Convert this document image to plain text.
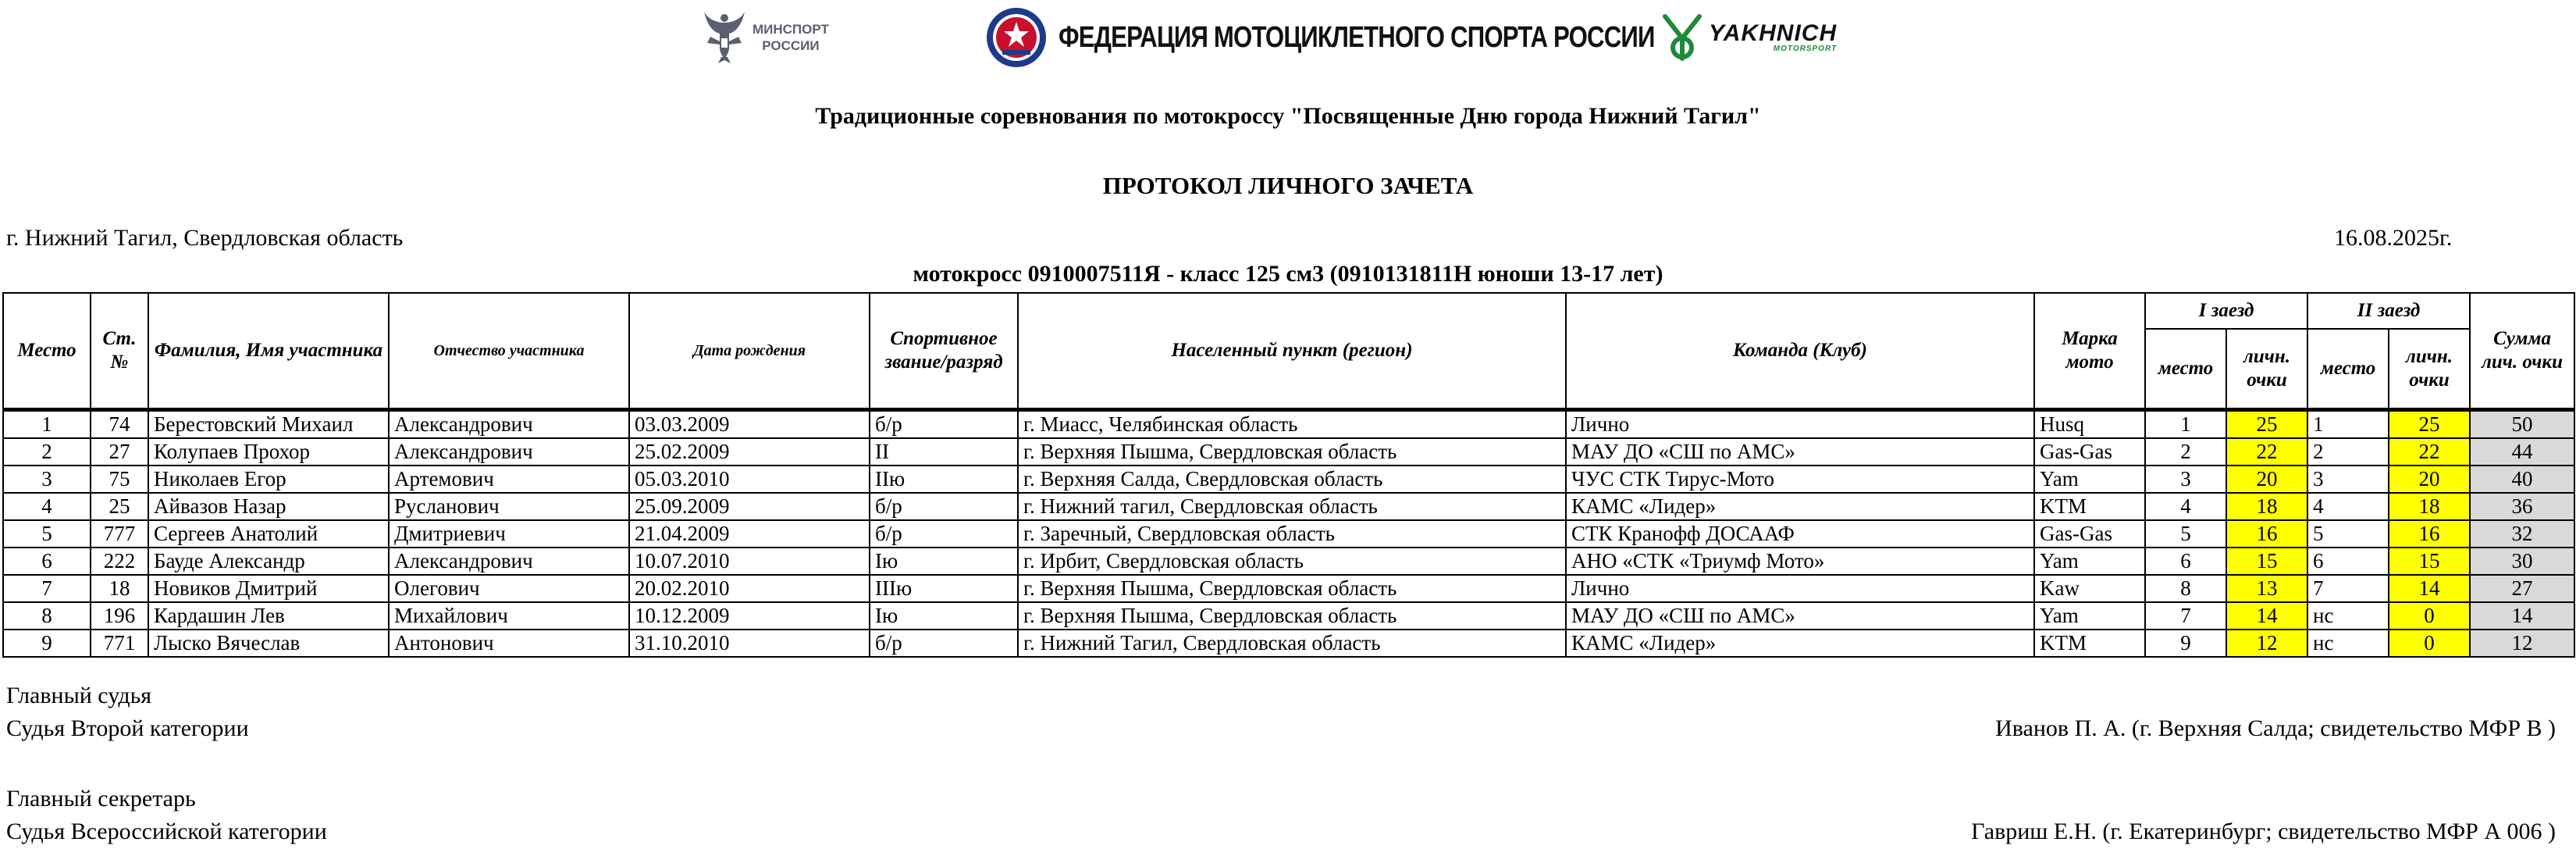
МИНСПОРТ
РОССИИ	ФЕДЕРАЦИЯ МОТОЦИКЛЕТНОГО СПОРТА РОССИИ YAKHNICH
MOTORSPORT
Традиционные соревнования по мотокроссу "Посвященные Дню города Нижний Тагил"
ПРОТОКОЛ ЛИЧНОГО ЗАЧЕТА
г. Нижний Тагил, Свердловская область	16.08.2025г.
мотокросс 0910007511Я - класс 125 см3 (0910131811Н юноши 13-17 лет)
Место	Ст. №	Фамилия, Имя участника	Отчество участника	Дата рождения	Спортивное звание/разряд	Населенный пункт (регион)	Команда (Клуб)	Марка мото	I заезд		II заезд		Сумма лич. очки
									место	личн. очки	место	личн. очки	
1	74	Берестовский Михаил	Александрович	03.03.2009	б/р	г. Миасс, Челябинская область	Лично	Husq	1	25	1	25	50
2	27	Колупаев Прохор	Александрович	25.02.2009	II	г. Верхняя Пышма, Свердловская область	МАУ ДО «СШ по АМС»	Gas-Gas	2	22	2	22	44
3	75	Николаев Егор	Артемович	05.03.2010	IIю	г. Верхняя Салда, Свердловская область	ЧУС СТК Тирус-Мото	Yam	3	20	3	20	40
4	25	Айвазов Назар	Русланович	25.09.2009	б/р	г. Нижний тагил, Свердловская область	КАМС «Лидер»	KTM	4	18	4	18	36
5	777	Сергеев Анатолий	Дмитриевич	21.04.2009	б/р	г. Заречный, Свердловская область	СТК Кранофф ДОСААФ	Gas-Gas	5	16	5	16	32
6	222	Бауде Александр	Александрович	10.07.2010	Iю	г. Ирбит, Свердловская область	АНО «СТК «Триумф Мото»	Yam	6	15	6	15	30
7	18	Новиков Дмитрий	Олегович	20.02.2010	IIIю	г. Верхняя Пышма, Свердловская область	Лично	Kaw	8	13	7	14	27
8	196	Кардашин Лев	Михайлович	10.12.2009	Iю	г. Верхняя Пышма, Свердловская область	МАУ ДО «СШ по АМС»	Yam	7	14	нс	0	14
9	771	Лыско Вячеслав	Антонович	31.10.2010	б/р	г. Нижний Тагил, Свердловская область	КАМС «Лидер»	KTM	9	12	нс	0	12
Главный судья
Судья Второй категории	Иванов П. А. (г. Верхняя Салда; свидетельство МФР В )
Главный секретарь
Судья Всероссийской категории	Гавриш Е.Н. (г. Екатеринбург; свидетельство МФР А 006 )
